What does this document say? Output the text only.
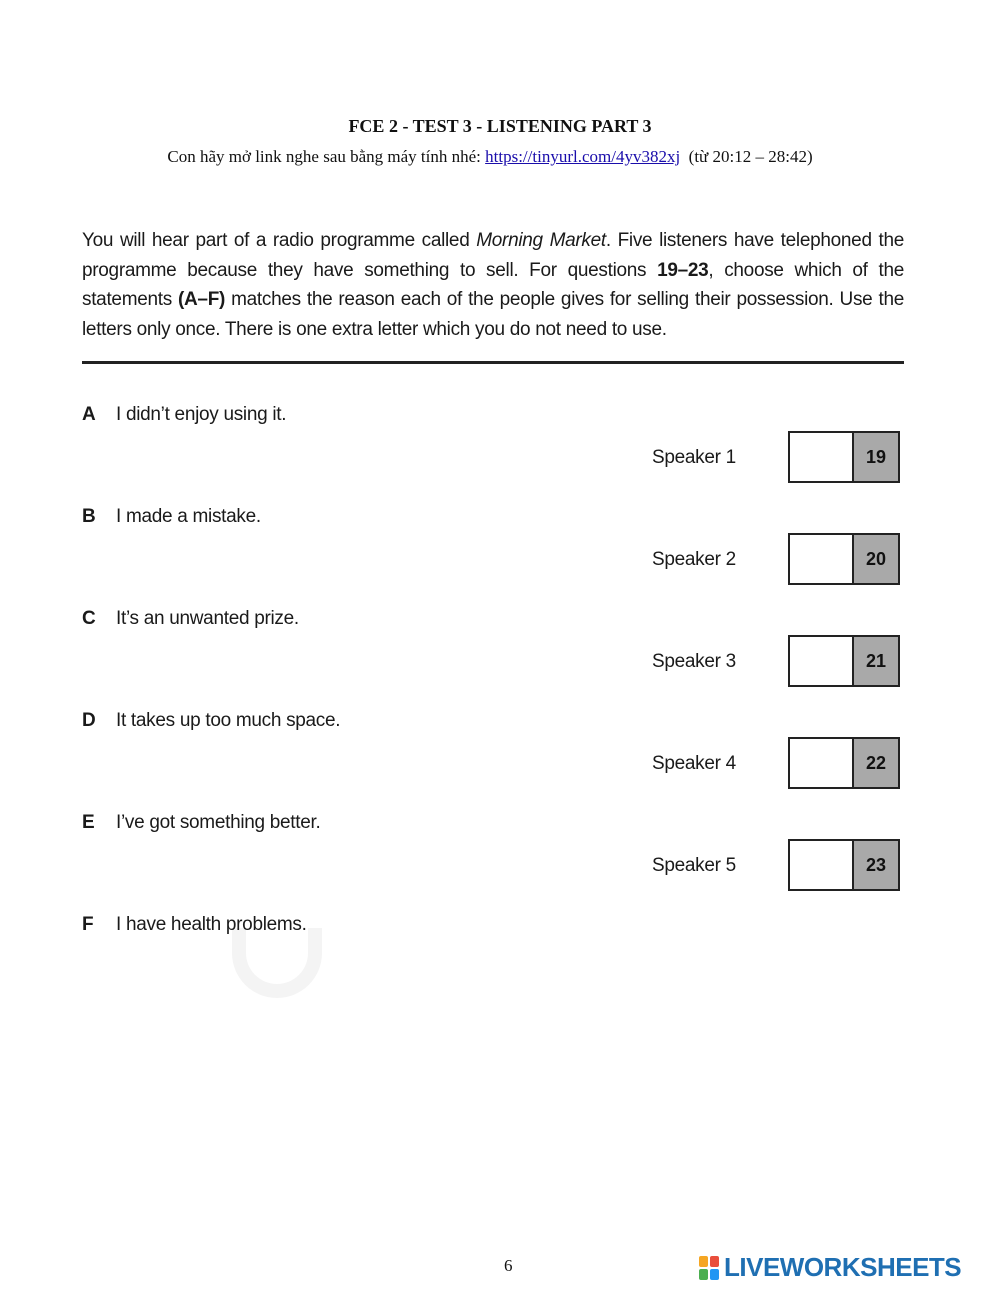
FCE 2 - TEST 3 - LISTENING PART 3
Con hãy mở link nghe sau bằng máy tính nhé: https://tinyurl.com/4yv382xj (từ 20:12 – 28:42)
You will hear part of a radio programme called Morning Market. Five listeners have telephoned the programme because they have something to sell. For questions 19–23, choose which of the statements (A–F) matches the reason each of the people gives for selling their possession. Use the letters only once. There is one extra letter which you do not need to use.
A I didn’t enjoy using it.
B I made a mistake.
C It’s an unwanted prize.
D It takes up too much space.
E I’ve got something better.
F I have health problems.
Speaker 1	19
Speaker 2	20
Speaker 3	21
Speaker 4	22
Speaker 5	23
6	LIVEWORKSHEETS
